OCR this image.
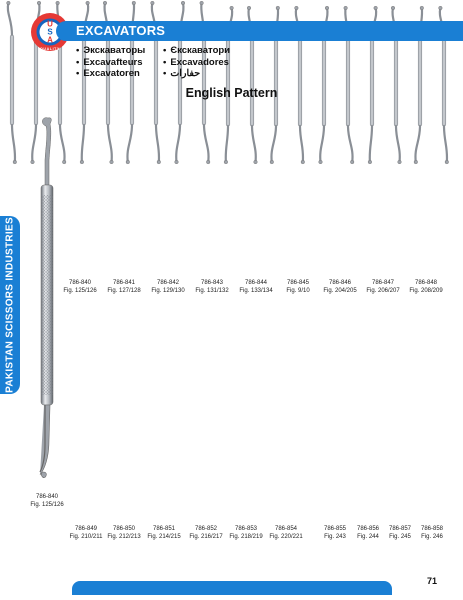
U
S
A
QUALITY
EXCAVATORS
• Экскаваторы
• Excavafteurs
• Excavatoren
• Єкскаватори
• Excavadores
• حفارات
English Pattern
PAKISTAN SCISSORS INDUSTRIES
786-840
Fig. 125/126
71
786-840
Fig. 125/126
786-841
Fig. 127/128
786-842
Fig. 129/130
786-843
Fig. 131/132
786-844
Fig. 133/134
786-845
Fig. 9/10
786-846
Fig. 204/205
786-847
Fig. 206/207
786-848
Fig. 208/209
786-849
Fig. 210/211
786-850
Fig. 212/213
786-851
Fig. 214/215
786-852
Fig. 216/217
786-853
Fig. 218/219
786-854
Fig. 220/221
786-855
Fig. 243
786-856
Fig. 244
786-857
Fig. 245
786-858
Fig. 246
